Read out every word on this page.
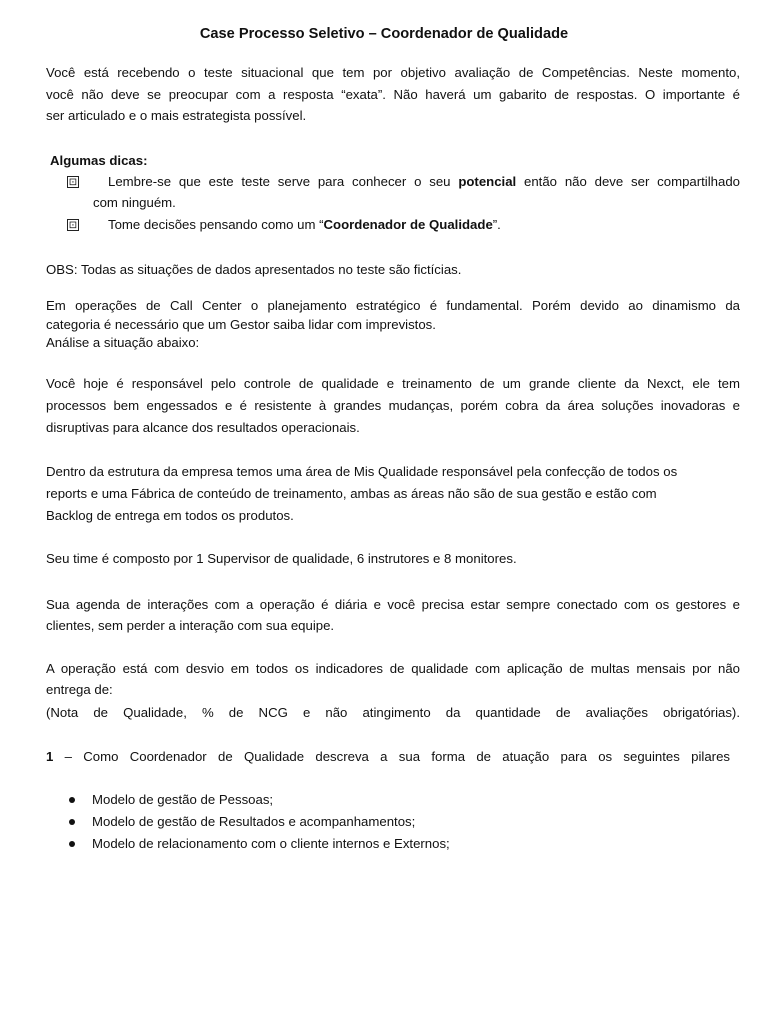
Case Processo Seletivo – Coordenador de Qualidade
Você está recebendo o teste situacional que tem por objetivo avaliação de Competências. Neste momento,
você não deve se preocupar com a resposta “exata”. Não haverá um gabarito de respostas. O importante é
ser articulado e o mais estrategista possível.
Algumas dicas:
⊡ Lembre-se que este teste serve para conhecer o seu potencial então não deve ser compartilhado
com ninguém.
⊡ Tome decisões pensando como um “Coordenador de Qualidade”.
OBS: Todas as situações de dados apresentados no teste são fictícias.
Em operações de Call Center o planejamento estratégico é fundamental. Porém devido ao dinamismo da
categoria é necessário que um Gestor saiba lidar com imprevistos.
Análise a situação abaixo:
Você hoje é responsável pelo controle de qualidade e treinamento de um grande cliente da Nexct, ele tem
processos bem engessados e é resistente à grandes mudanças, porém cobra da área soluções inovadoras e
disruptivas para alcance dos resultados operacionais.
Dentro da estrutura da empresa temos uma área de Mis Qualidade responsável pela confecção de todos os
reports e uma Fábrica de conteúdo de treinamento, ambas as áreas não são de sua gestão e estão com
Backlog de entrega em todos os produtos.
Seu time é composto por 1 Supervisor de qualidade, 6 instrutores e 8 monitores.
Sua agenda de interações com a operação é diária e você precisa estar sempre conectado com os gestores e
clientes, sem perder a interação com sua equipe.
A operação está com desvio em todos os indicadores de qualidade com aplicação de multas mensais por não
entrega de:
(Nota de Qualidade, % de NCG e não atingimento da quantidade de avaliações obrigatórias).
1 – Como Coordenador de Qualidade descreva a sua forma de atuação para os seguintes pilares
Modelo de gestão de Pessoas;
Modelo de gestão de Resultados e acompanhamentos;
Modelo de relacionamento com o cliente internos e Externos;
